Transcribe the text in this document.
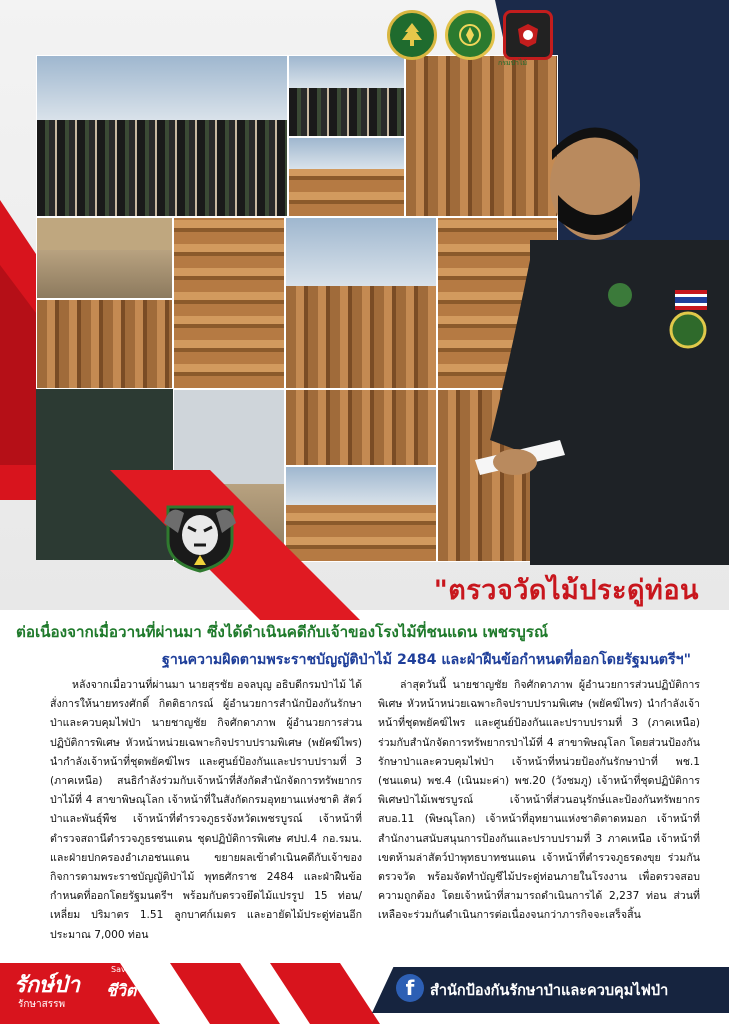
กรมป่าไม้
"ตรวจวัดไม้ประดู่ท่อน
ต่อเนื่องจากเมื่อวานที่ผ่านมา ซึ่งได้ดำเนินคดีกับเจ้าของโรงไม้ที่ชนแดน เพชรบูรณ์
ฐานความผิดตามพระราชบัญญัติป่าไม้ 2484 และฝ่าฝืนข้อกำหนดที่ออกโดยรัฐมนตรีฯ"

หลังจากเมื่อวานที่ผ่านมา นายสุรชัย อจลบุญ อธิบดีกรมป่าไม้ ได้สั่งการให้นายทรงศักดิ์ กิตติธากรณ์ ผู้อำนวยการสำนักป้องกันรักษาป่าและควบคุมไฟป่า นายชาญชัย กิจศักดาภาพ ผู้อำนวยการส่วนปฏิบัติการพิเศษ หัวหน้าหน่วยเฉพาะกิจปราบปรามพิเศษ (พยัคฆ์ไพร) นำกำลังเจ้าหน้าที่ชุดพยัคฆ์ไพร และศูนย์ป้องกันและปราบปรามที่ 3 (ภาคเหนือ) สนธิกำลังร่วมกับเจ้าหน้าที่สังกัดสำนักจัดการทรัพยากรป่าไม้ที่ 4 สาขาพิษณุโลก เจ้าหน้าที่ในสังกัดกรมอุทยานแห่งชาติ สัตว์ป่าและพันธุ์พืช เจ้าหน้าที่ตำรวจภูธรจังหวัดเพชรบูรณ์ เจ้าหน้าที่ตำรวจสถานีตำรวจภูธรชนแดน ชุดปฏิบัติการพิเศษ ศปป.4 กอ.รมน. และฝ่ายปกครองอำเภอชนแดน ขยายผลเข้าดำเนินคดีกับเจ้าของกิจการตามพระราชบัญญัติป่าไม้ พุทธศักราช 2484 และฝ่าฝืนข้อกำหนดที่ออกโดยรัฐมนตรีฯ พร้อมกับตรวจยึดไม้แปรรูป 15 ท่อน/เหลี่ยม ปริมาตร 1.51 ลูกบาศก์เมตร และอายัดไม้ประดู่ท่อนอีกประมาณ 7,000 ท่อน

ล่าสุดวันนี้ นายชาญชัย กิจศักดาภาพ ผู้อำนวยการส่วนปฏิบัติการพิเศษ หัวหน้าหน่วยเฉพาะกิจปราบปรามพิเศษ (พยัคฆ์ไพร) นำกำลังเจ้าหน้าที่ชุดพยัคฆ์ไพร และศูนย์ป้องกันและปราบปรามที่ 3 (ภาคเหนือ) ร่วมกับสำนักจัดการทรัพยากรป่าไม้ที่ 4 สาขาพิษณุโลก โดยส่วนป้องกันรักษาป่าและควบคุมไฟป่า เจ้าหน้าที่หน่วยป้องกันรักษาป่าที่ พช.1 (ชนแดน) พช.4 (เนินมะค่า) พช.20 (วังชมภู) เจ้าหน้าที่ชุดปฏิบัติการพิเศษป่าไม้เพชรบูรณ์ เจ้าหน้าที่ส่วนอนุรักษ์และป้องกันทรัพยากร สบอ.11 (พิษณุโลก) เจ้าหน้าที่อุทยานแห่งชาติตาดหมอก เจ้าหน้าที่สำนักงานสนับสนุนการป้องกันและปราบปรามที่ 3 ภาคเหนือ เจ้าหน้าที่เขตห้ามล่าสัตว์ป่าพุทธบาทชนแดน เจ้าหน้าที่ตำรวจภูธรดงขุย ร่วมกันตรวจวัด พร้อมจัดทำบัญชีไม้ประดู่ท่อนภายในโรงงาน เพื่อตรวจสอบความถูกต้อง โดยเจ้าหน้าที่สามารถดำเนินการได้ 2,237 ท่อน ส่วนที่เหลือจะร่วมกันดำเนินการต่อเนื่องจนกว่าภารกิจจะเสร็จสิ้น

รักษ์ป่า
Save
ชีวิต
รักษาสรรพ
f	สำนักป้องกันรักษาป่าและควบคุมไฟป่า
